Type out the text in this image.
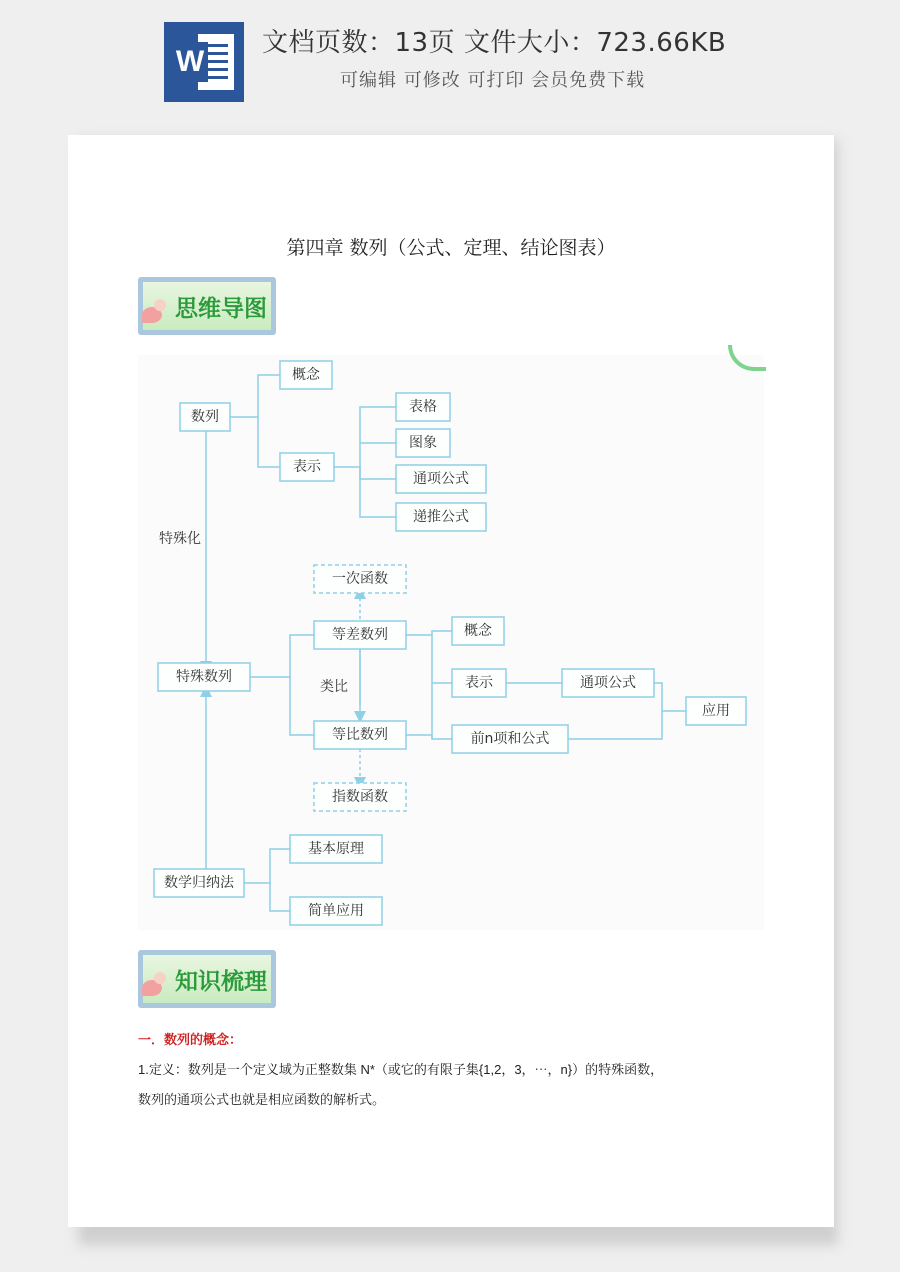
W
文档页数：13页 文件大小：723.66KB
可编辑 可修改 可打印 会员免费下载
第四章 数列（公式、定理、结论图表）
思维导图
数列
概念
表示
表格
图象
通项公式
递推公式
特殊化
一次函数
等差数列	概念
特殊数列
类比	表示	通项公式
应用
等比数列	前n项和公式
指数函数
数学归纳法
基本原理
简单应用
知识梳理
一．数列的概念：
1.定义：数列是一个定义域为正整数集 N*（或它的有限子集{1,2，3，⋯，n}）的特殊函数，
数列的通项公式也就是相应函数的解析式。
